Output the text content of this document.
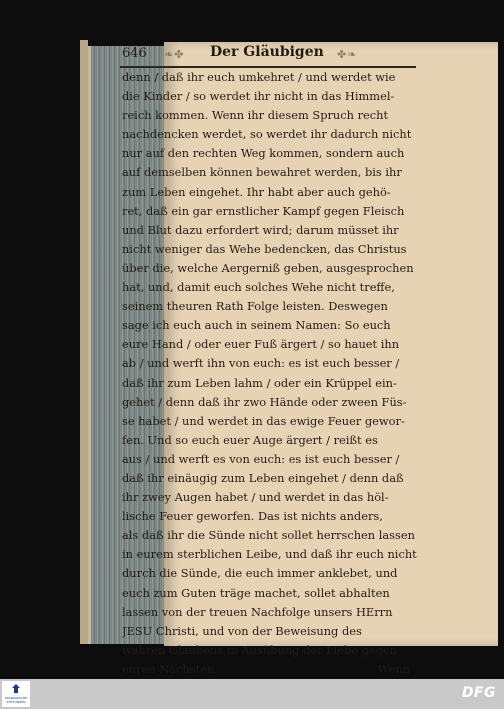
646 ❧✤ Der Gläubigen ✤❧
denn / daß ihr euch umkehret / und werdet wie
die Kinder / so werdet ihr nicht in das Himmel-
reich kommen. Wenn ihr diesem Spruch recht
nachdencken werdet, so werdet ihr dadurch nicht
nur auf den rechten Weg kommen, sondern auch
auf demselben können bewahret werden, bis ihr
zum Leben eingehet. Ihr habt aber auch gehö-
ret, daß ein gar ernstlicher Kampf gegen Fleisch
und Blut dazu erfordert wird; darum müsset ihr
nicht weniger das Wehe bedencken, das Christus
über die, welche Aergerniß geben, ausgesprochen
hat, und, damit euch solches Wehe nicht treffe,
seinem theuren Rath Folge leisten. Deswegen
sage ich euch auch in seinem Namen: So euch
eure Hand / oder euer Fuß ärgert / so hauet ihn
ab / und werft ihn von euch: es ist euch besser /
daß ihr zum Leben lahm / oder ein Krüppel ein-
gehet / denn daß ihr zwo Hände oder zween Füs-
se habet / und werdet in das ewige Feuer gewor-
fen. Und so euch euer Auge ärgert / reißt es
aus / und werft es von euch: es ist euch besser /
daß ihr einäugig zum Leben eingehet / denn daß
ihr zwey Augen habet / und werdet in das höl-
lische Feuer geworfen. Das ist nichts anders,
als daß ihr die Sünde nicht sollet herrschen lassen
in eurem sterblichen Leibe, und daß ihr euch nicht
durch die Sünde, die euch immer anklebet, und
euch zum Guten träge machet, sollet abhalten
lassen von der treuen Nachfolge unsers HErrn
JESU Christi, und von der Beweisung des
wahren Glaubens in Ausübung der Liebe gegen
euren Nächsten.	Wenn
FRANCKESCHE STIFTUNGEN
DFG
